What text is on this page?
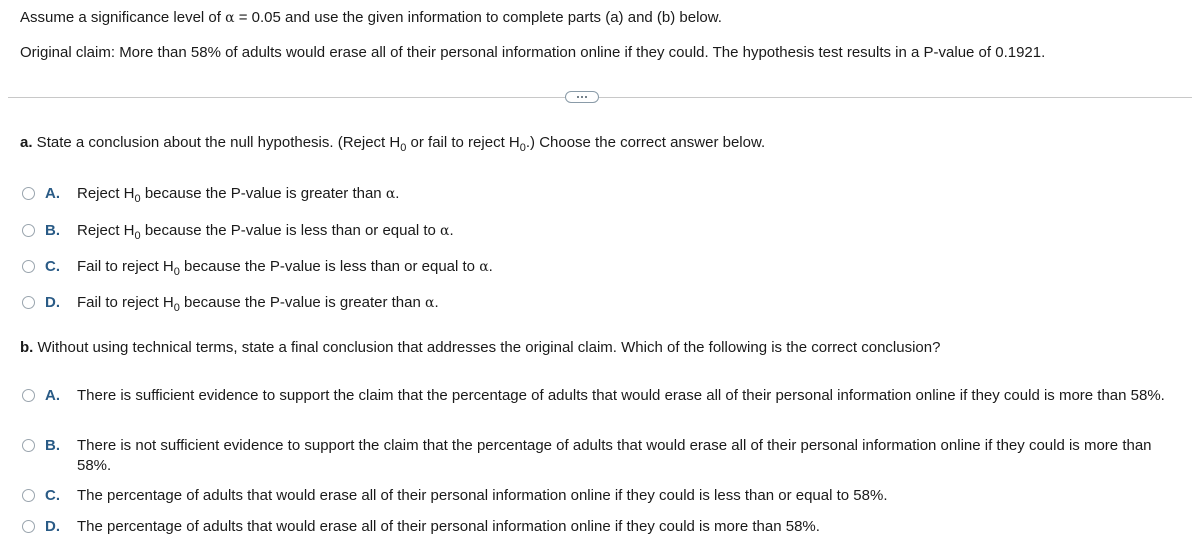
Assume a significance level of α = 0.05 and use the given information to complete parts (a) and (b) below.
Original claim: More than 58% of adults would erase all of their personal information online if they could. The hypothesis test results in a P-value of 0.1921.
a. State a conclusion about the null hypothesis. (Reject $H_0$ or fail to reject $H_0$.) Choose the correct answer below.
A.	Reject $H_0$ because the P-value is greater than α.
B.	Reject $H_0$ because the P-value is less than or equal to α.
C.	Fail to reject $H_0$ because the P-value is less than or equal to α.
D.	Fail to reject $H_0$ because the P-value is greater than α.
b. Without using technical terms, state a final conclusion that addresses the original claim. Which of the following is the correct conclusion?
A.	There is sufficient evidence to support the claim that the percentage of adults that would erase all of their personal information online if they could is more than 58%.
B.	There is not sufficient evidence to support the claim that the percentage of adults that would erase all of their personal information online if they could is more than 58%.
C.	The percentage of adults that would erase all of their personal information online if they could is less than or equal to 58%.
D.	The percentage of adults that would erase all of their personal information online if they could is more than 58%.
